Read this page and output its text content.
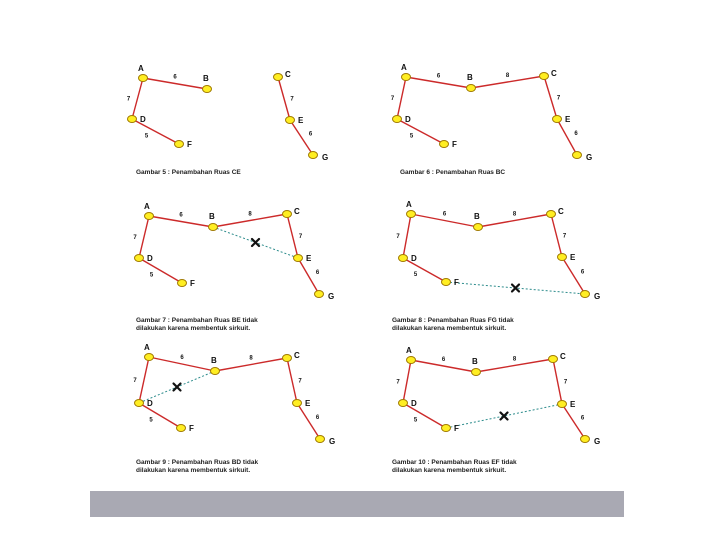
6
7
5
7
6
A
B	C
D	E
F
G
Gambar 5 : Penambahan Ruas CE
6	8
7
5
7
6
A
B	C
D	E
F
G
Gambar 6 : Penambahan Ruas BC
6	8
7
5
7
6
A
B
C
D	E
F
G
Gambar 7 : Penambahan Ruas BE tidak
dilakukan karena membentuk sirkuit.
6	8
7
5
7
6
A
B
C
D	E
F
G
Gambar 8 : Penambahan Ruas FG tidak
dilakukan karena membentuk sirkuit.
6	8
7
5
7
6
A
B
C
D	E
F
G
Gambar 9 : Penambahan Ruas BD tidak
dilakukan karena membentuk sirkuit.
6	8
7
5
7
6
A
B
C
D	E
F
G
Gambar 10 : Penambahan Ruas EF tidak
dilakukan karena membentuk sirkuit.
